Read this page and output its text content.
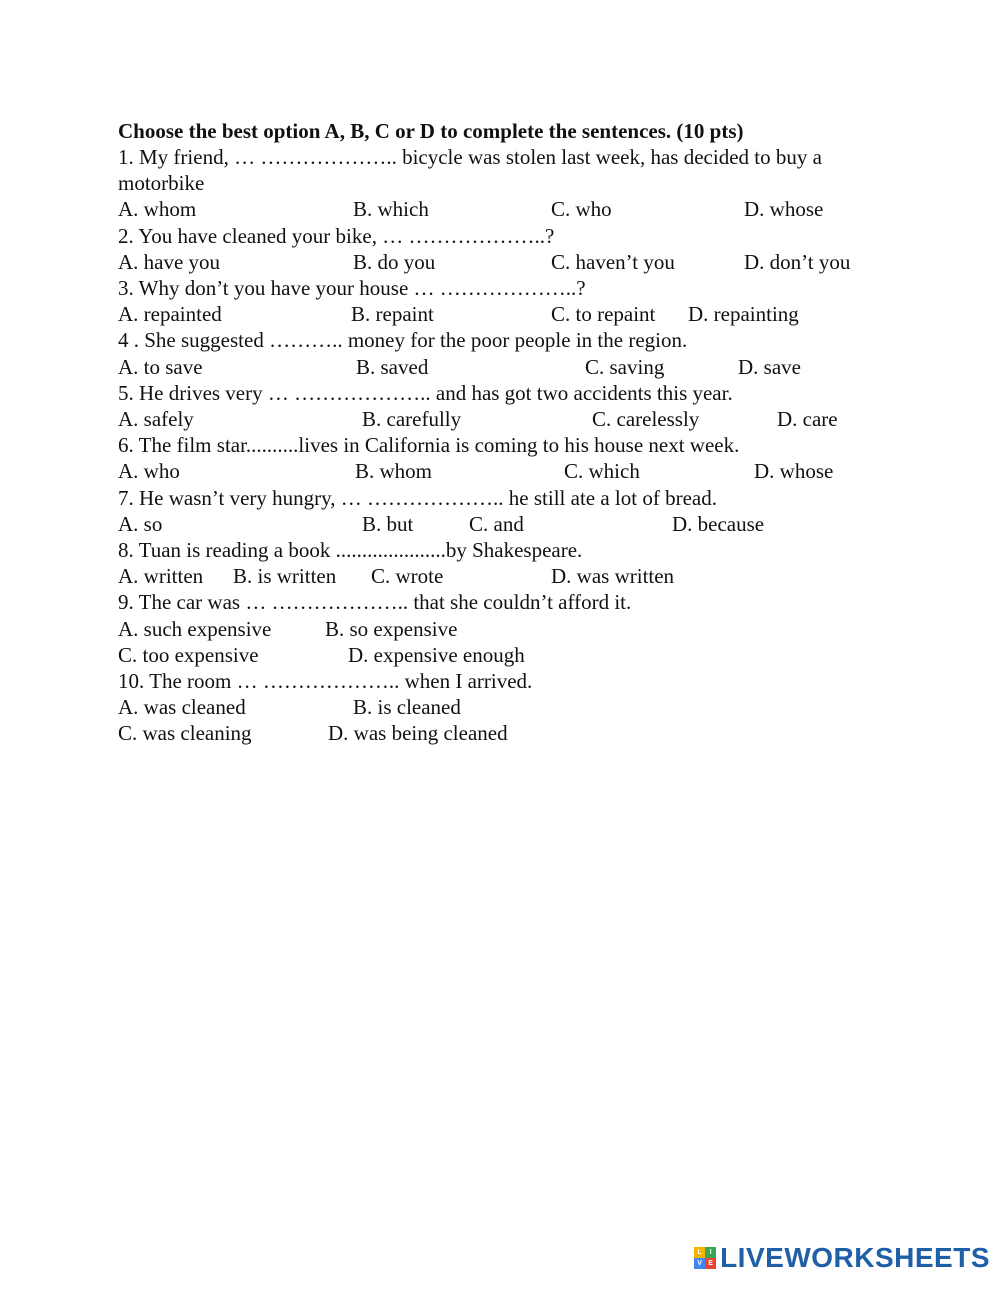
Choose the best option A, B, C or D to complete the sentences. (10 pts)

1. My friend, … ……………….. bicycle was stolen last week, has decided to buy a motorbike
A. whom	B. which	C. who	D. whose
2. You have cleaned your bike, … ………………..?
A. have you	B. do you	C. haven’t you	D. don’t you
3. Why don’t you have your house … ………………..?
A. repainted	B. repaint	C. to repaint D. repainting
4 . She suggested ……….. money for the poor people in the region.
A. to save	B. saved	C. saving	D. save
5. He drives very … ……………….. and has got two accidents this year.
A. safely	B. carefully	C. carelessly	D. care
6. The film star..........lives in California is coming to his house next week.
A. who	B. whom	C. which	D. whose
7. He wasn’t very hungry, … ……………….. he still ate a lot of bread.
A. so	B. but	C. and	D. because
8. Tuan is reading a book .....................by Shakespeare.
A. written B. is written C. wrote	D. was written
9. The car was … ……………….. that she couldn’t afford it.
A. such expensive	B. so expensive
C. too expensive	D. expensive enough
10. The room … ……………….. when I arrived.
A. was cleaned	B. is cleaned
C. was cleaning	D. was being cleaned
L	I
V E LIVEWORKSHEETS
